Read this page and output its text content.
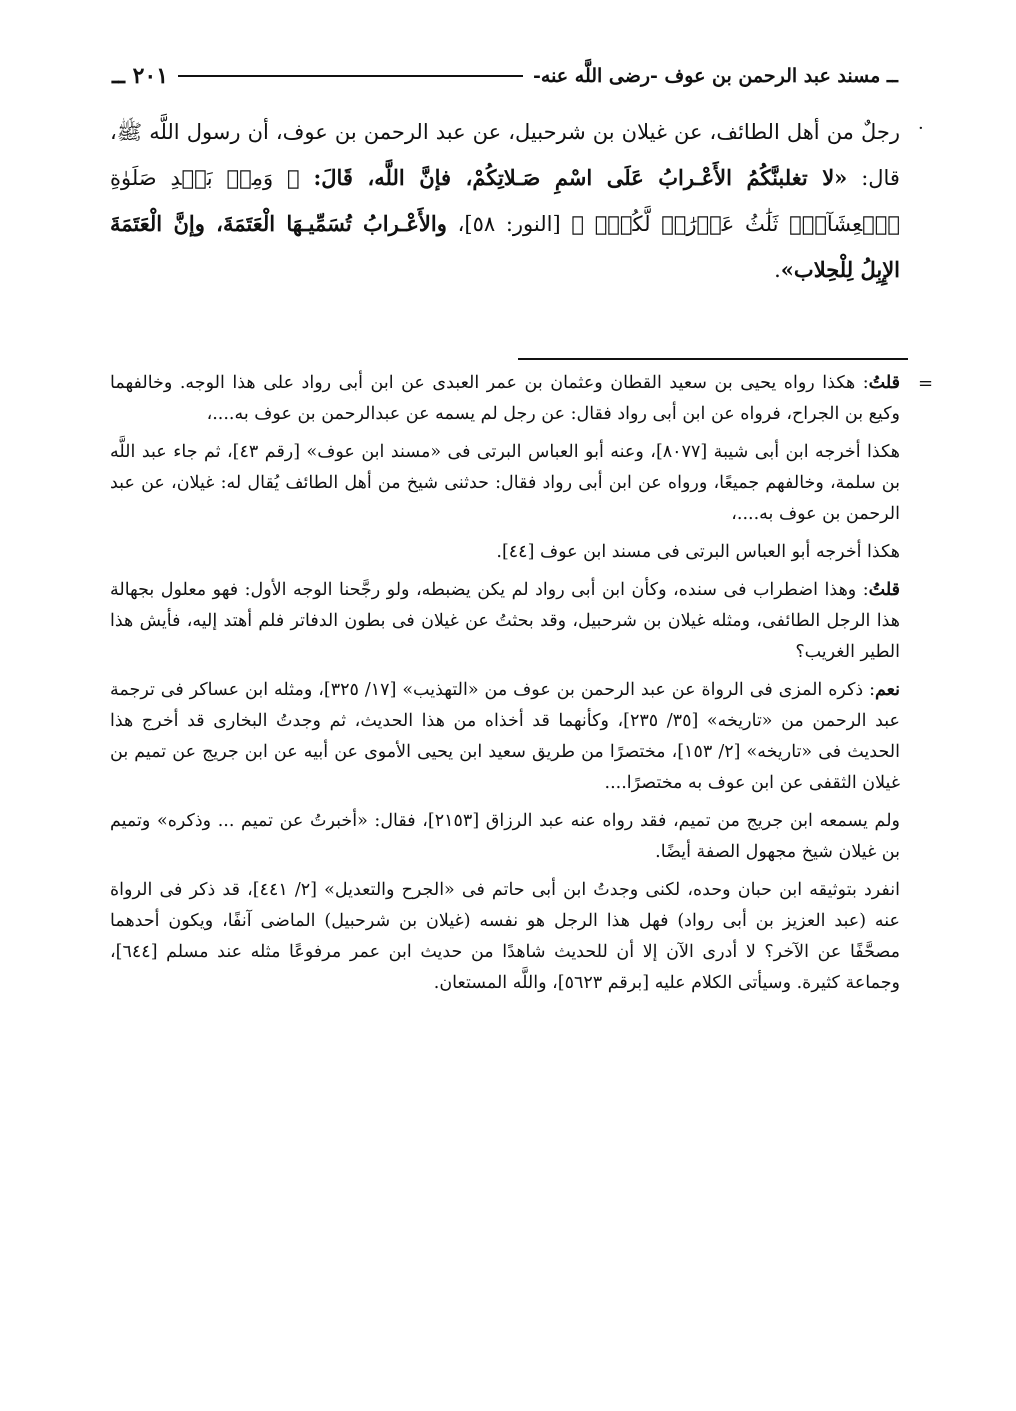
ــ مسند عبد الرحمن بن عوف -رضى اللَّه عنه-
٢٠١ ــ
·
رجلٌ من أهل الطائف، عن غيلان بن شرحبيل، عن عبد الرحمن بن عوف، أن رسول اللَّه ﷺ، قال: «لا تغلبنَّكُمُ الأَعْـرابُ عَلَى اسْمِ صَـلاتِكُمْ، فإنَّ اللَّه، قَالَ: ﴿ وَمِنۢ بَعۡدِ صَلَوٰةِ ٱلۡعِشَآءِۚ ثَلَٰثُ عَوۡرَٰتٖ لَّكُمۡۚ ﴾ [النور: ٥٨]، والأَعْـرابُ تُسَمِّيـهَا الْعَتَمَةَ، وإنَّ الْعَتَمَةَ الإِبِلُ لِلْحِلاب».
=

قلتُ: هكذا رواه يحيى بن سعيد القطان وعثمان بن عمر العبدى عن ابن أبى رواد على هذا الوجه. وخالفهما وكيع بن الجراح، فرواه عن ابن أبى رواد فقال: عن رجل لم يسمه عن عبدالرحمن بن عوف به....،

هكذا أخرجه ابن أبى شيبة [٨٠٧٧]، وعنه أبو العباس البرتى فى «مسند ابن عوف» [رقم ٤٣]، ثم جاء عبد اللَّه بن سلمة، وخالفهم جميعًا، ورواه عن ابن أبى رواد فقال: حدثنى شيخ من أهل الطائف يُقال له: غيلان، عن عبد الرحمن بن عوف به....،

هكذا أخرجه أبو العباس البرتى فى مسند ابن عوف [٤٤].

قلتُ: وهذا اضطراب فى سنده، وكأن ابن أبى رواد لم يكن يضبطه، ولو رجَّحنا الوجه الأول: فهو معلول بجهالة هذا الرجل الطائفى، ومثله غيلان بن شرحبيل، وقد بحثتُ عن غيلان فى بطون الدفاتر فلم أهتد إليه، فأيش هذا الطير الغريب؟

نعم: ذكره المزى فى الرواة عن عبد الرحمن بن عوف من «التهذيب» [١٧/ ٣٢٥]، ومثله ابن عساكر فى ترجمة عبد الرحمن من «تاريخه» [٣٥/ ٢٣٥]، وكأنهما قد أخذاه من هذا الحديث، ثم وجدتُ البخارى قد أخرج هذا الحديث فى «تاريخه» [٢/ ١٥٣]، مختصرًا من طريق سعيد ابن يحيى الأموى عن أبيه عن ابن جريج عن تميم بن غيلان الثقفى عن ابن عوف به مختصرًا....

ولم يسمعه ابن جريج من تميم، فقد رواه عنه عبد الرزاق [٢١٥٣]، فقال: «أخبرتُ عن تميم ... وذكره» وتميم بن غيلان شيخ مجهول الصفة أيضًا.

انفرد بتوثيقه ابن حبان وحده، لكنى وجدتُ ابن أبى حاتم فى «الجرح والتعديل» [٢/ ٤٤١]، قد ذكر فى الرواة عنه (عبد العزيز بن أبى رواد) فهل هذا الرجل هو نفسه (غيلان بن شرحبيل) الماضى آنفًا، ويكون أحدهما مصحَّفًا عن الآخر؟ لا أدرى الآن إلا أن للحديث شاهدًا من حديث ابن عمر مرفوعًا مثله عند مسلم [٦٤٤]، وجماعة كثيرة. وسيأتى الكلام عليه [برقم ٥٦٢٣]، واللَّه المستعان.
